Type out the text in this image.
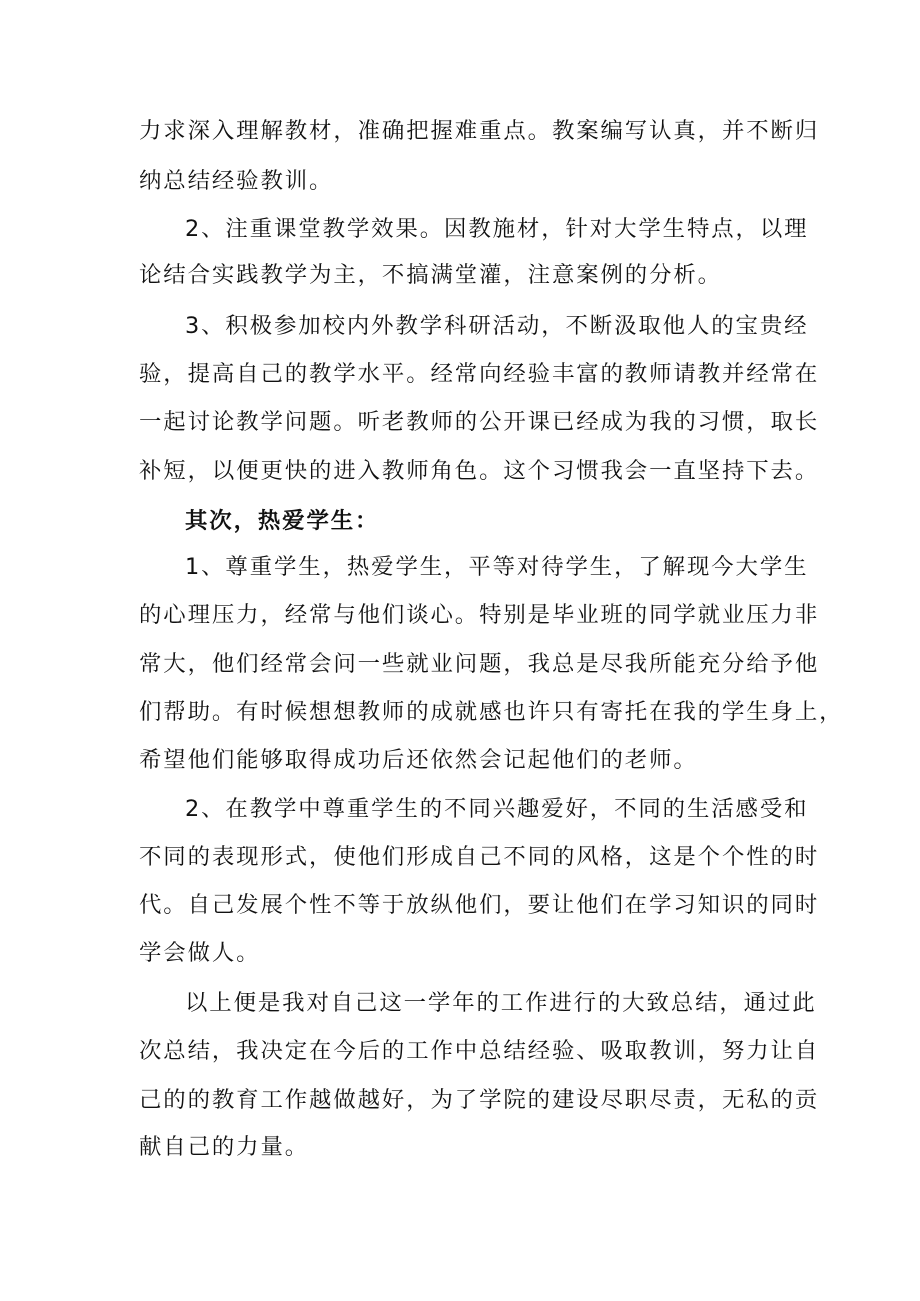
力求深入理解教材，准确把握难重点。教案编写认真，并不断归
纳总结经验教训。
2、注重课堂教学效果。因教施材，针对大学生特点，以理
论结合实践教学为主，不搞满堂灌，注意案例的分析。
3、积极参加校内外教学科研活动，不断汲取他人的宝贵经
验，提高自己的教学水平。经常向经验丰富的教师请教并经常在
一起讨论教学问题。听老教师的公开课已经成为我的习惯，取长
补短，以便更快的进入教师角色。这个习惯我会一直坚持下去。
其次，热爱学生：
1、尊重学生，热爱学生，平等对待学生，了解现今大学生
的心理压力，经常与他们谈心。特别是毕业班的同学就业压力非
常大，他们经常会问一些就业问题，我总是尽我所能充分给予他
们帮助。有时候想想教师的成就感也许只有寄托在我的学生身上，
希望他们能够取得成功后还依然会记起他们的老师。
2、在教学中尊重学生的不同兴趣爱好，不同的生活感受和
不同的表现形式，使他们形成自己不同的风格，这是个个性的时
代。自己发展个性不等于放纵他们，要让他们在学习知识的同时
学会做人。
以上便是我对自己这一学年的工作进行的大致总结，通过此
次总结，我决定在今后的工作中总结经验、吸取教训，努力让自
己的的教育工作越做越好，为了学院的建设尽职尽责，无私的贡
献自己的力量。
